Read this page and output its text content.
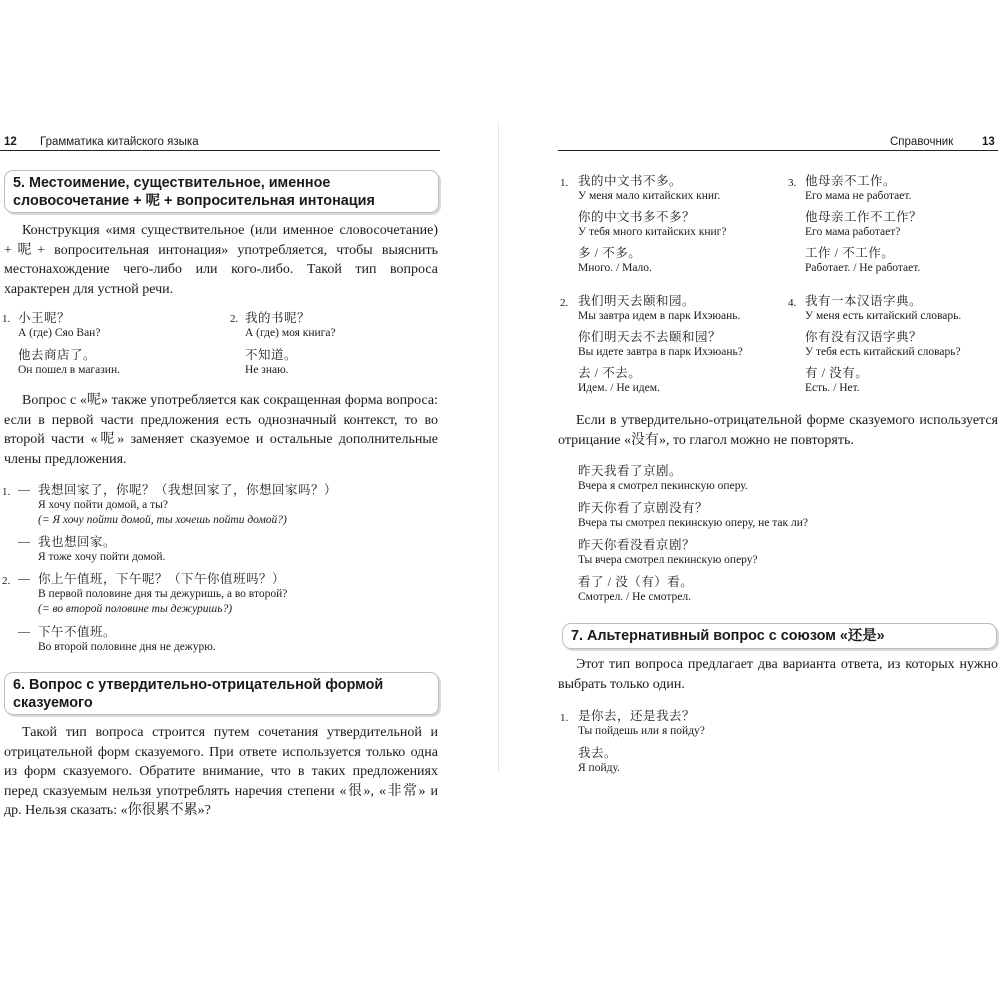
12 Грамматика китайского языка
5. Местоимение, существительное, именное
словосочетание + 呢 + вопросительная интонация
Конструкция «имя существительное (или именное словосочетание) +呢+ вопросительная интонация» употребляется, чтобы выяснить местонахождение чего-либо или кого-либо. Такой тип вопроса характерен для устной речи.
1. 小王呢？
А (где) Сяо Ван?
他去商店了。
Он пошел в магазин.
2. 我的书呢？
А (где) моя книга?
不知道。
Не знаю.
Вопрос с «呢» также употребляется как сокращенная форма вопроса: если в первой части предложения есть однозначный контекст, то во второй части «呢» заменяет сказуемое и остальные дополнительные члены предложения.
1. — 我想回家了，你呢？（我想回家了，你想回家吗？）
Я хочу пойти домой, а ты?
(= Я хочу пойти домой, ты хочешь пойти домой?)
— 我也想回家。
Я тоже хочу пойти домой.
2. — 你上午值班，下午呢？（下午你值班吗？）
В первой половине дня ты дежуришь, а во второй?
(= во второй половине ты дежуришь?)
— 下午不值班。
Во второй половине дня не дежурю.
6. Вопрос с утвердительно-отрицательной формой
сказуемого
Такой тип вопроса строится путем сочетания утвердительной и отрицательной форм сказуемого. При ответе используется только одна из форм сказуемого. Обратите внимание, что в таких предложениях перед сказуемым нельзя употреблять наречия степени «很», «非常» и др. Нельзя сказать: «你很累不累»?
Справочник	13
1. 我的中文书不多。
У меня мало китайских книг.
你的中文书多不多？
У тебя много китайских книг?
多 / 不多。
Много. / Мало.
3. 他母亲不工作。
Его мама не работает.
他母亲工作不工作？
Его мама работает?
工作 / 不工作。
Работает. / Не работает.
2. 我们明天去颐和园。
Мы завтра идем в парк Ихэюань.
你们明天去不去颐和园？
Вы идете завтра в парк Ихэюань?
去 / 不去。
Идем. / Не идем.
4. 我有一本汉语字典。
У меня есть китайский словарь.
你有没有汉语字典？
У тебя есть китайский словарь?
有 / 没有。
Есть. / Нет.
Если в утвердительно-отрицательной форме сказуемого используется отрицание «没有», то глагол можно не повторять.
昨天我看了京剧。
Вчера я смотрел пекинскую оперу.
昨天你看了京剧没有？
Вчера ты смотрел пекинскую оперу, не так ли?
昨天你看没看京剧？
Ты вчера смотрел пекинскую оперу?
看了 / 没（有）看。
Смотрел. / Не смотрел.
7. Альтернативный вопрос с союзом «还是»
Этот тип вопроса предлагает два варианта ответа, из которых нужно выбрать только один.
1. 是你去，还是我去？
Ты пойдешь или я пойду?
我去。
Я пойду.
